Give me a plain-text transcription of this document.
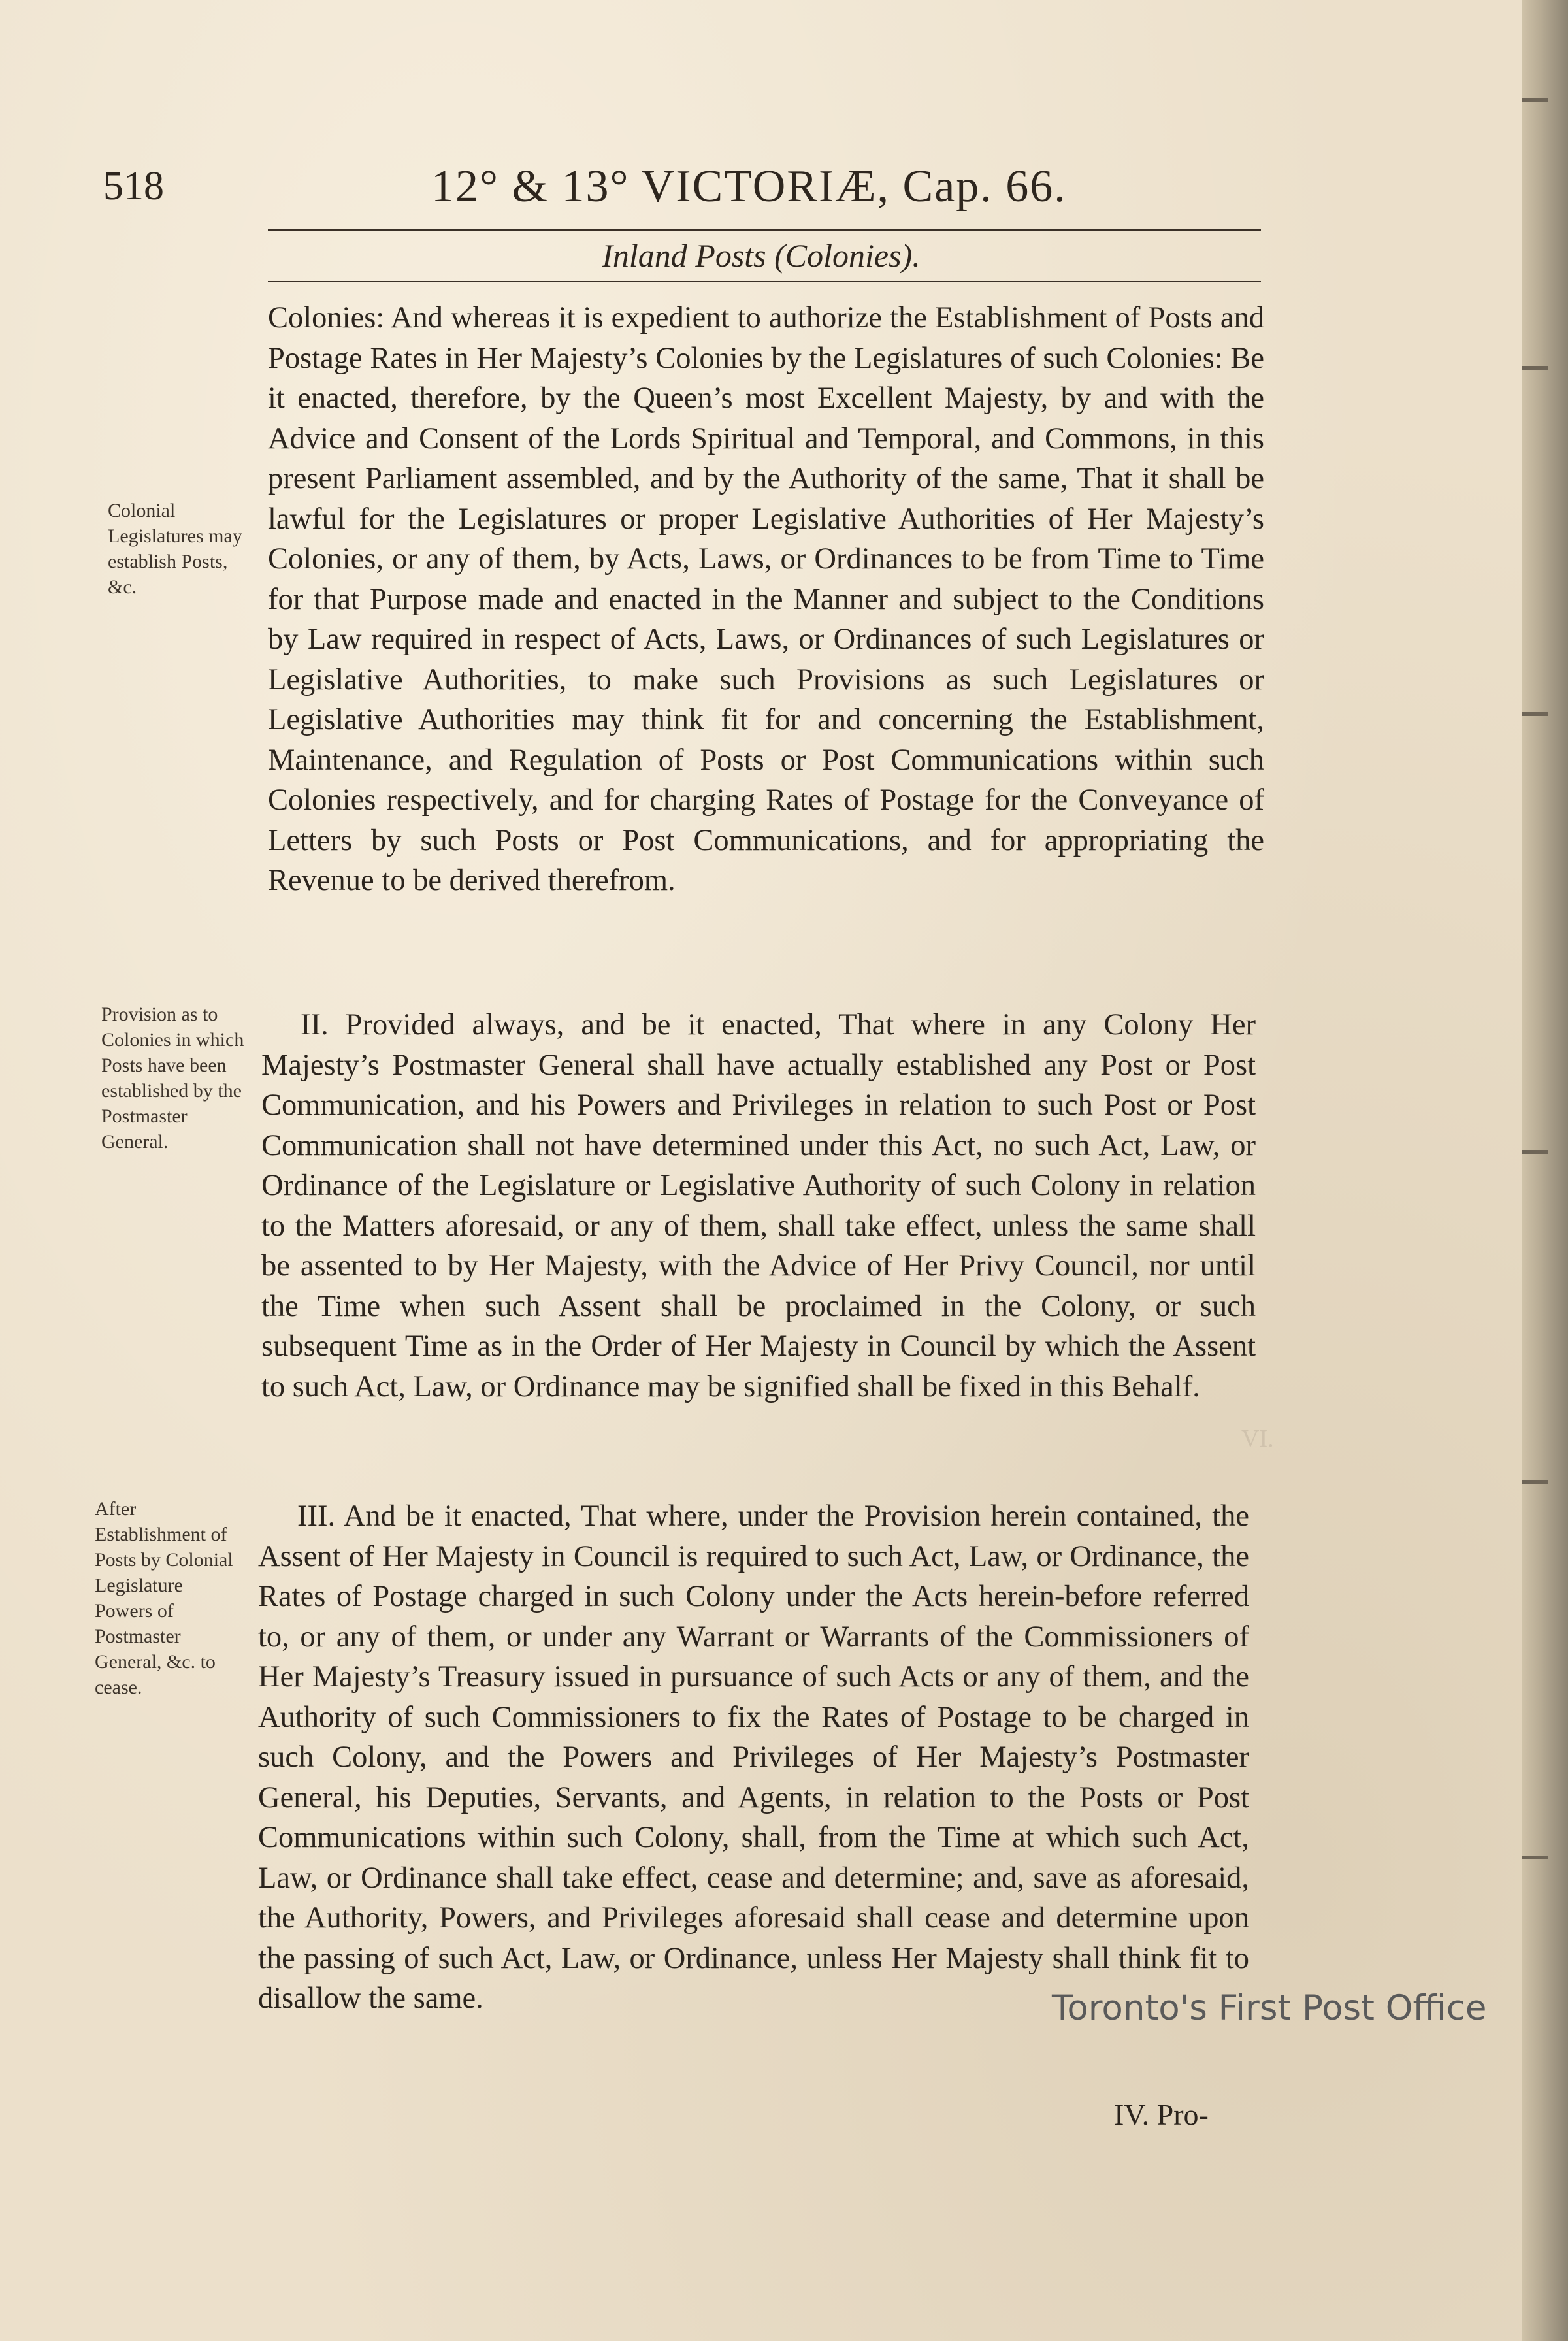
518	12° & 13° VICTORIÆ, Cap. 66.
Inland Posts (Colonies).

Colonies: And whereas it is expedient to authorize the Establishment of Posts and Postage Rates in Her Majesty’s Colonies by the Legislatures of such Colonies: Be it enacted, therefore, by the Queen’s most Excellent Majesty, by and with the Advice and Consent of the Lords Spiritual and Temporal, and Commons, in this present Parliament assembled, and by the Authority of the same, That it shall be lawful for the Legislatures or proper Legislative Authorities of Her Majesty’s Colonies, or any of them, by Acts, Laws, or Ordinances to be from Time to Time for that Purpose made and enacted in the Manner and subject to the Conditions by Law required in respect of Acts, Laws, or Ordinances of such Legislatures or Legislative Authorities, to make such Provisions as such Legislatures or Legislative Authorities may think fit for and concerning the Establishment, Maintenance, and Regulation of Posts or Post Communications within such Colonies respectively, and for charging Rates of Postage for the Conveyance of Letters by such Posts or Post Communications, and for appropriating the Revenue to be derived therefrom.

Colonial Legislatures may establish Posts, &c.

II. Provided always, and be it enacted, That where in any Colony Her Majesty’s Postmaster General shall have actually established any Post or Post Communication, and his Powers and Privileges in relation to such Post or Post Communication shall not have determined under this Act, no such Act, Law, or Ordinance of the Legislature or Legislative Authority of such Colony in relation to the Matters aforesaid, or any of them, shall take effect, unless the same shall be assented to by Her Majesty, with the Advice of Her Privy Council, nor until the Time when such Assent shall be proclaimed in the Colony, or such subsequent Time as in the Order of Her Majesty in Council by which the Assent to such Act, Law, or Ordinance may be signified shall be fixed in this Behalf.

Provision as to Colonies in which Posts have been established by the Postmaster General.

III. And be it enacted, That where, under the Provision herein contained, the Assent of Her Majesty in Council is required to such Act, Law, or Ordinance, the Rates of Postage charged in such Colony under the Acts herein-before referred to, or any of them, or under any Warrant or Warrants of the Commissioners of Her Majesty’s Treasury issued in pursuance of such Acts or any of them, and the Authority of such Commissioners to fix the Rates of Postage to be charged in such Colony, and the Powers and Privileges of Her Majesty’s Postmaster General, his Deputies, Servants, and Agents, in relation to the Posts or Post Communications within such Colony, shall, from the Time at which such Act, Law, or Ordinance shall take effect, cease and determine; and, save as aforesaid, the Authority, Powers, and Privileges aforesaid shall cease and determine upon the passing of such Act, Law, or Ordinance, unless Her Majesty shall think fit to disallow the same.

After Establishment of Posts by Colonial Legislature Powers of Postmaster General, &c. to cease.

IV. Pro-
VI.
Toronto's First Post Office
